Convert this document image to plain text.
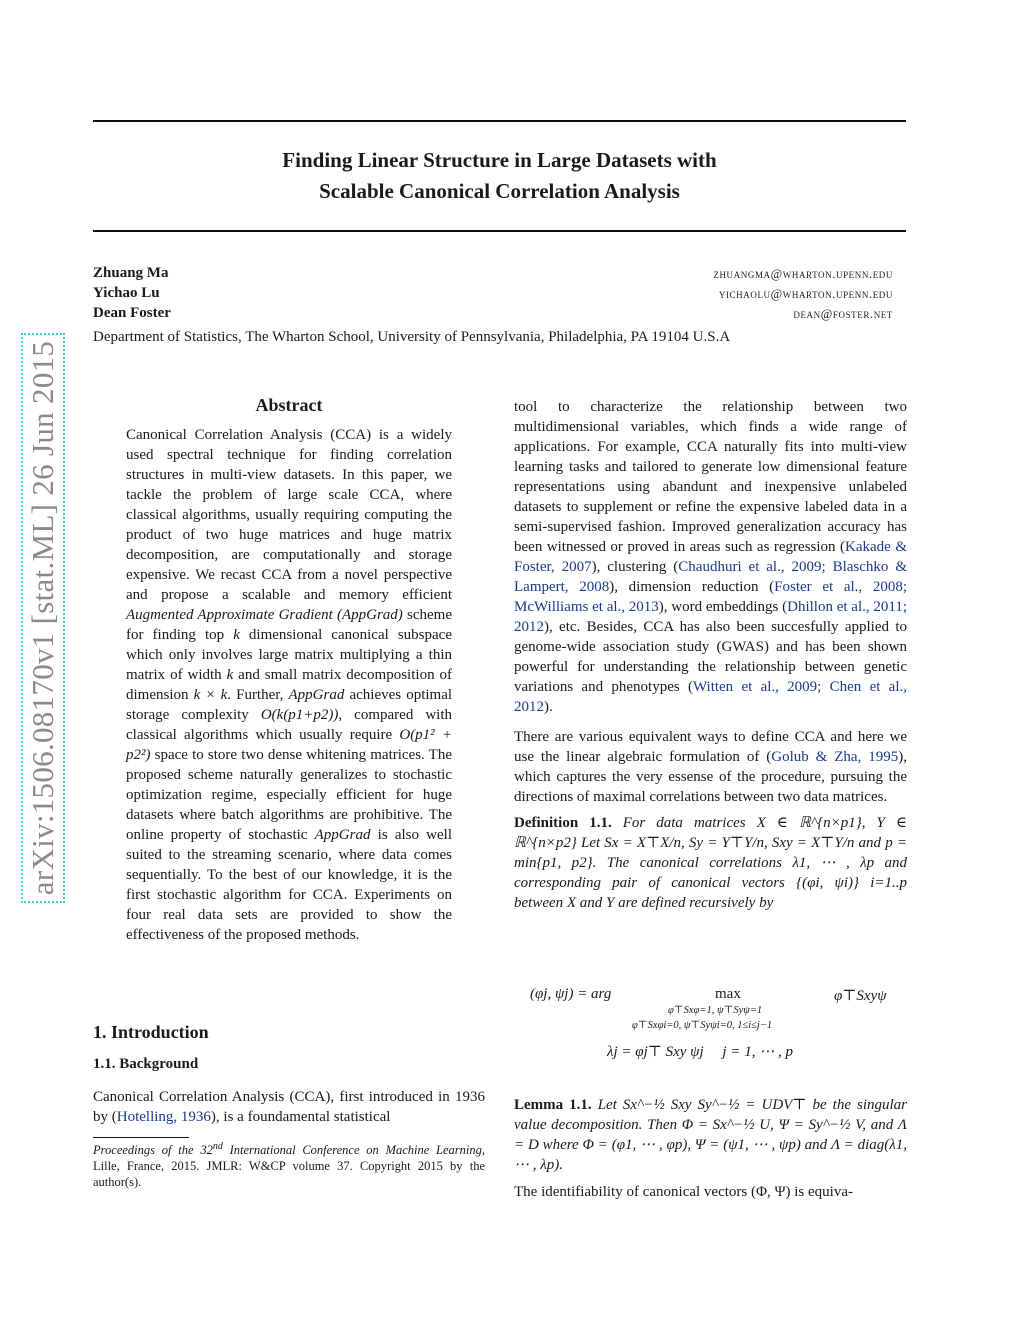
arXiv:1506.08170v1 [stat.ML] 26 Jun 2015
Finding Linear Structure in Large Datasets with
Scalable Canonical Correlation Analysis
Zhuang Ma	zhuangma@wharton.upenn.edu
Yichao Lu	yichaolu@wharton.upenn.edu
Dean Foster	dean@foster.net
Department of Statistics, The Wharton School, University of Pennsylvania, Philadelphia, PA 19104 U.S.A
Abstract

Canonical Correlation Analysis (CCA) is a widely used spectral technique for finding correlation structures in multi-view datasets. In this paper, we tackle the problem of large scale CCA, where classical algorithms, usually requiring computing the product of two huge matrices and huge matrix decomposition, are computationally and storage expensive. We recast CCA from a novel perspective and propose a scalable and memory efficient Augmented Approximate Gradient (AppGrad) scheme for finding top k dimensional canonical subspace which only involves large matrix multiplying a thin matrix of width k and small matrix decomposition of dimension k × k. Further, AppGrad achieves optimal storage complexity O(k(p1+p2)), compared with classical algorithms which usually require O(p1² + p2²) space to store two dense whitening matrices. The proposed scheme naturally generalizes to stochastic optimization regime, especially efficient for huge datasets where batch algorithms are prohibitive. The online property of stochastic AppGrad is also well suited to the streaming scenario, where data comes sequentially. To the best of our knowledge, it is the first stochastic algorithm for CCA. Experiments on four real data sets are provided to show the effectiveness of the proposed methods.

1. Introduction
1.1. Background

Canonical Correlation Analysis (CCA), first introduced in 1936 by (Hotelling, 1936), is a foundamental statistical

Proceedings of the 32nd International Conference on Machine Learning, Lille, France, 2015. JMLR: W&CP volume 37. Copyright 2015 by the author(s).

tool to characterize the relationship between two multidimensional variables, which finds a wide range of applications. For example, CCA naturally fits into multi-view learning tasks and tailored to generate low dimensional feature representations using abandunt and inexpensive unlabeled datasets to supplement or refine the expensive labeled data in a semi-supervised fashion. Improved generalization accuracy has been witnessed or proved in areas such as regression (Kakade & Foster, 2007), clustering (Chaudhuri et al., 2009; Blaschko & Lampert, 2008), dimension reduction (Foster et al., 2008; McWilliams et al., 2013), word embeddings (Dhillon et al., 2011; 2012), etc. Besides, CCA has also been succesfully applied to genome-wide association study (GWAS) and has been shown powerful for understanding the relationship between genetic variations and phenotypes (Witten et al., 2009; Chen et al., 2012).

There are various equivalent ways to define CCA and here we use the linear algebraic formulation of (Golub & Zha, 1995), which captures the very essense of the procedure, pursuing the directions of maximal correlations between two data matrices.

Definition 1.1. For data matrices X ∈ ℝ^{n×p1}, Y ∈ ℝ^{n×p2} Let Sx = X⊤X/n, Sy = Y⊤Y/n, Sxy = X⊤Y/n and p = min{p1, p2}. The canonical correlations λ1, ⋯ , λp and corresponding pair of canonical vectors {(φi, ψi)} i=1..p between X and Y are defined recursively by

(φj, ψj) = arg	max
φ⊤Sxφ=1, ψ⊤Syψ=1
φ⊤Sxφi=0, ψ⊤Syψi=0, 1≤i≤j−1
φ⊤Sxyψ
λj = φj⊤ Sxy ψj     j = 1, ⋯ , p

Lemma 1.1. Let Sx^−½ Sxy Sy^−½ = UDV⊤ be the singular value decomposition. Then Φ = Sx^−½ U, Ψ = Sy^−½ V, and Λ = D where Φ = (φ1, ⋯ , φp), Ψ = (ψ1, ⋯ , ψp) and Λ = diag(λ1, ⋯ , λp).

The identifiability of canonical vectors (Φ, Ψ) is equiva-
